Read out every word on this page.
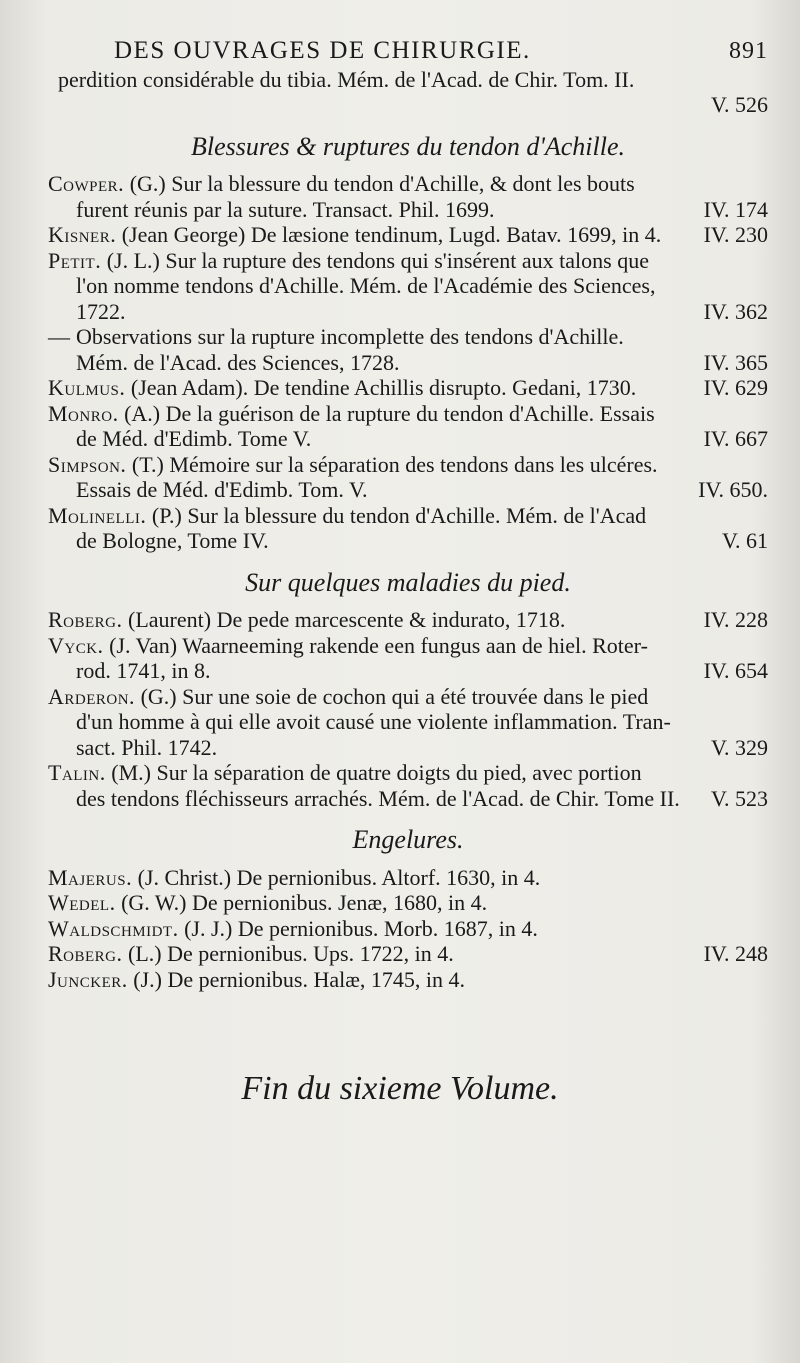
DES OUVRAGES DE CHIRURGIE.	891
perdition considérable du tibia. Mém. de l'Acad. de Chir. Tom. II.
V. 526
Blessures & ruptures du tendon d'Achille.
Cowper. (G.) Sur la blessure du tendon d'Achille, & dont les bouts
furent réunis par la suture. Transact. Phil. 1699.	IV. 174
Kisner. (Jean George) De læsione tendinum, Lugd. Batav. 1699, in 4.	IV. 230
Petit. (J. L.) Sur la rupture des tendons qui s'insérent aux talons que
l'on nomme tendons d'Achille. Mém. de l'Académie des Sciences,
1722.	IV. 362
— Observations sur la rupture incomplette des tendons d'Achille.
Mém. de l'Acad. des Sciences, 1728.	IV. 365
Kulmus. (Jean Adam). De tendine Achillis disrupto. Gedani, 1730.	IV. 629
Monro. (A.) De la guérison de la rupture du tendon d'Achille. Essais
de Méd. d'Edimb. Tome V.	IV. 667
Simpson. (T.) Mémoire sur la séparation des tendons dans les ulcéres.
Essais de Méd. d'Edimb. Tom. V.	IV. 650.
Molinelli. (P.) Sur la blessure du tendon d'Achille. Mém. de l'Acad
de Bologne, Tome IV.	V. 61
Sur quelques maladies du pied.
Roberg. (Laurent) De pede marcescente & indurato, 1718.	IV. 228
Vyck. (J. Van) Waarneeming rakende een fungus aan de hiel. Roter-
rod. 1741, in 8.	IV. 654
Arderon. (G.) Sur une soie de cochon qui a été trouvée dans le pied
d'un homme à qui elle avoit causé une violente inflammation. Tran-
sact. Phil. 1742.	V. 329
Talin. (M.) Sur la séparation de quatre doigts du pied, avec portion
des tendons fléchisseurs arrachés. Mém. de l'Acad. de Chir. Tome II.	V. 523
Engelures.
Majerus. (J. Christ.) De pernionibus. Altorf. 1630, in 4.
Wedel. (G. W.) De pernionibus. Jenæ, 1680, in 4.
Waldschmidt. (J. J.) De pernionibus. Morb. 1687, in 4.
Roberg. (L.) De pernionibus. Ups. 1722, in 4.	IV. 248
Juncker. (J.) De pernionibus. Halæ, 1745, in 4.
Fin du sixieme Volume.
